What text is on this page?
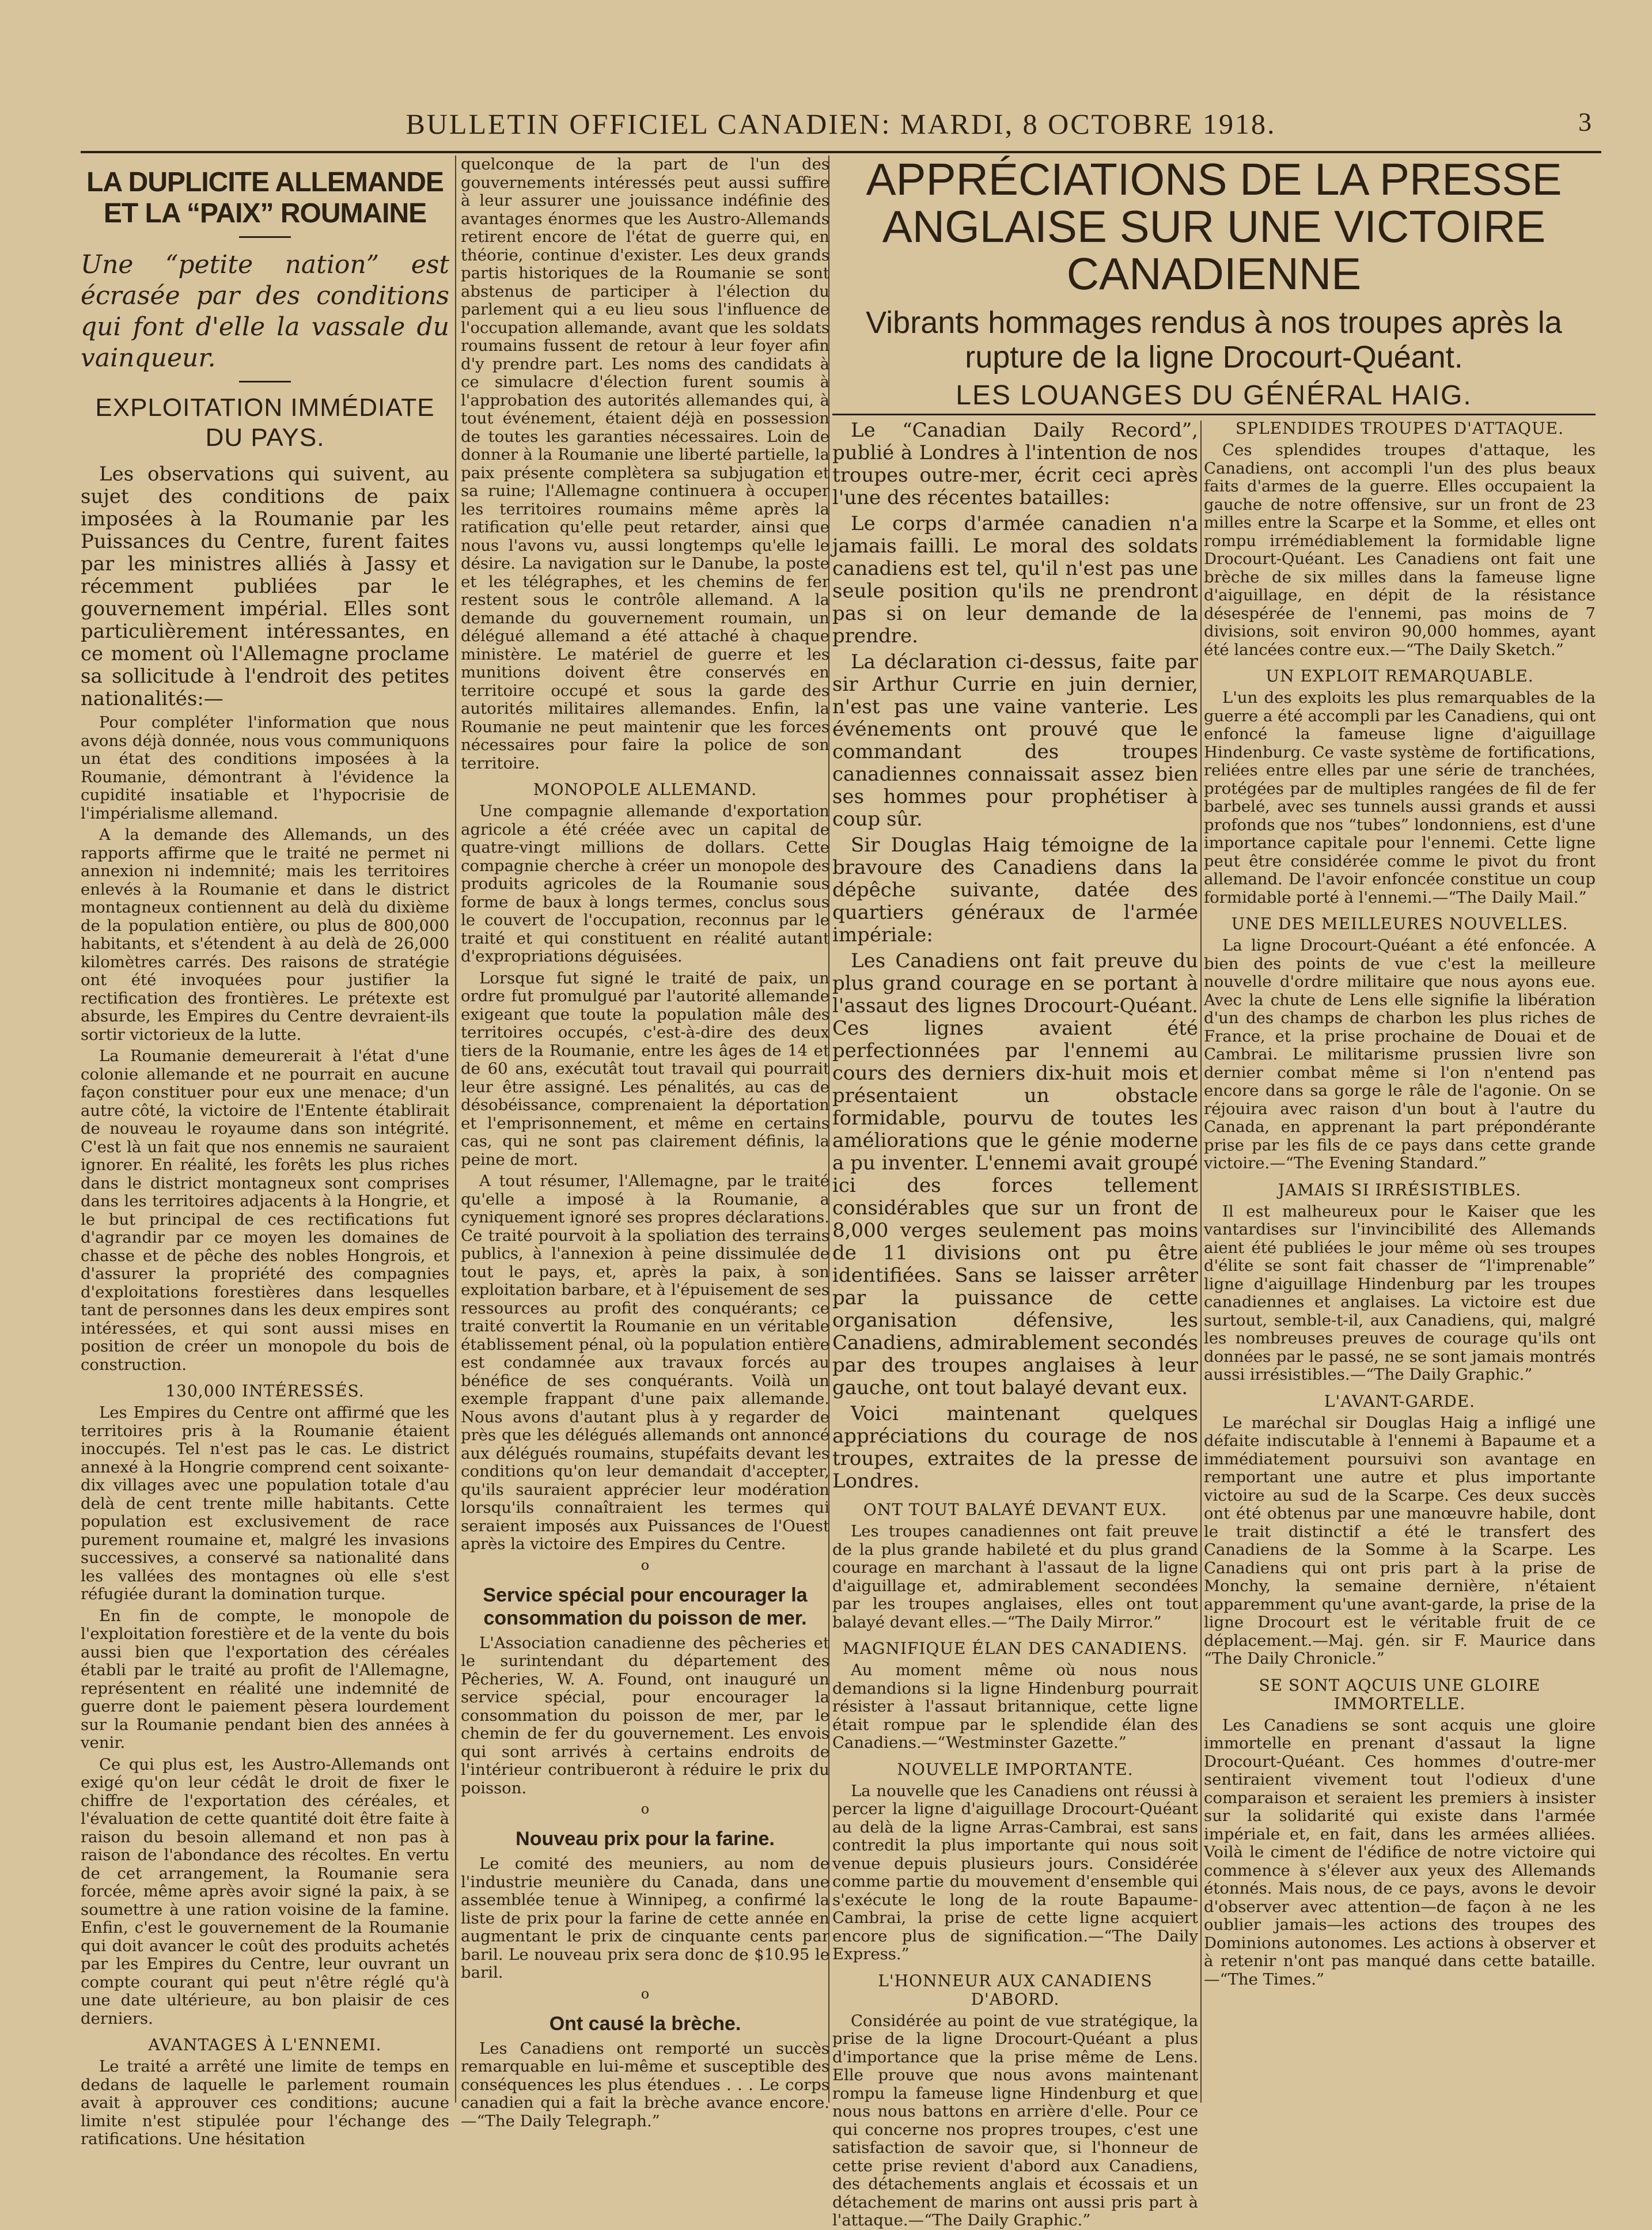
BULLETIN OFFICIEL CANADIEN: MARDI, 8 OCTOBRE 1918.	3
LA DUPLICITE ALLEMANDE ET LA “PAIX” ROUMAINE
Une “petite nation” est écrasée par des conditions qui font d'elle la vassale du vainqueur.
EXPLOITATION IMMÉDIATE DU PAYS.

Les observations qui suivent, au sujet des conditions de paix imposées à la Roumanie par les Puissances du Centre, furent faites par les ministres alliés à Jassy et récemment publiées par le gouvernement impérial. Elles sont particulièrement intéressantes, en ce moment où l'Allemagne proclame sa sollicitude à l'endroit des petites nationalités:—

Pour compléter l'information que nous avons déjà donnée, nous vous communiquons un état des conditions imposées à la Roumanie, démontrant à l'évidence la cupidité insatiable et l'hypocrisie de l'impérialisme allemand.

A la demande des Allemands, un des rapports affirme que le traité ne permet ni annexion ni indemnité; mais les territoires enlevés à la Roumanie et dans le district montagneux contiennent au delà du dixième de la population entière, ou plus de 800,000 habitants, et s'étendent à au delà de 26,000 kilomètres carrés. Des raisons de stratégie ont été invoquées pour justifier la rectification des frontières. Le prétexte est absurde, les Empires du Centre devraient-ils sortir victorieux de la lutte.

La Roumanie demeurerait à l'état d'une colonie allemande et ne pourrait en aucune façon constituer pour eux une menace; d'un autre côté, la victoire de l'Entente établirait de nouveau le royaume dans son intégrité. C'est là un fait que nos ennemis ne sauraient ignorer. En réalité, les forêts les plus riches dans le district montagneux sont comprises dans les territoires adjacents à la Hongrie, et le but principal de ces rectifications fut d'agrandir par ce moyen les domaines de chasse et de pêche des nobles Hongrois, et d'assurer la propriété des compagnies d'exploitations forestières dans lesquelles tant de personnes dans les deux empires sont intéressées, et qui sont aussi mises en position de créer un monopole du bois de construction.

130,000 INTÉRESSÉS.

Les Empires du Centre ont affirmé que les territoires pris à la Roumanie étaient inoccupés. Tel n'est pas le cas. Le district annexé à la Hongrie comprend cent soixante-dix villages avec une population totale d'au delà de cent trente mille habitants. Cette population est exclusivement de race purement roumaine et, malgré les invasions successives, a conservé sa nationalité dans les vallées des montagnes où elle s'est réfugiée durant la domination turque.

En fin de compte, le monopole de l'exploitation forestière et de la vente du bois aussi bien que l'exportation des céréales établi par le traité au profit de l'Allemagne, représentent en réalité une indemnité de guerre dont le paiement pèsera lourdement sur la Roumanie pendant bien des années à venir.

Ce qui plus est, les Austro-Allemands ont exigé qu'on leur cédât le droit de fixer le chiffre de l'exportation des céréales, et l'évaluation de cette quantité doit être faite à raison du besoin allemand et non pas à raison de l'abondance des récoltes. En vertu de cet arrangement, la Roumanie sera forcée, même après avoir signé la paix, à se soumettre à une ration voisine de la famine. Enfin, c'est le gouvernement de la Roumanie qui doit avancer le coût des produits achetés par les Empires du Centre, leur ouvrant un compte courant qui peut n'être réglé qu'à une date ultérieure, au bon plaisir de ces derniers.

AVANTAGES À L'ENNEMI.

Le traité a arrêté une limite de temps en dedans de laquelle le parlement roumain avait à approuver ces conditions; aucune limite n'est stipulée pour l'échange des ratifications. Une hésitation

quelconque de la part de l'un des gouvernements intéressés peut aussi suffire à leur assurer une jouissance indéfinie des avantages énormes que les Austro-Allemands retirent encore de l'état de guerre qui, en théorie, continue d'exister. Les deux grands partis historiques de la Roumanie se sont abstenus de participer à l'élection du parlement qui a eu lieu sous l'influence de l'occupation allemande, avant que les soldats roumains fussent de retour à leur foyer afin d'y prendre part. Les noms des candidats à ce simulacre d'élection furent soumis à l'approbation des autorités allemandes qui, à tout événement, étaient déjà en possession de toutes les garanties nécessaires. Loin de donner à la Roumanie une liberté partielle, la paix présente complètera sa subjugation et sa ruine; l'Allemagne continuera à occuper les territoires roumains même après la ratification qu'elle peut retarder, ainsi que nous l'avons vu, aussi longtemps qu'elle le désire. La navigation sur le Danube, la poste et les télégraphes, et les chemins de fer restent sous le contrôle allemand. A la demande du gouvernement roumain, un délégué allemand a été attaché à chaque ministère. Le matériel de guerre et les munitions doivent être conservés en territoire occupé et sous la garde des autorités militaires allemandes. Enfin, la Roumanie ne peut maintenir que les forces nécessaires pour faire la police de son territoire.

MONOPOLE ALLEMAND.

Une compagnie allemande d'exportation agricole a été créée avec un capital de quatre-vingt millions de dollars. Cette compagnie cherche à créer un monopole des produits agricoles de la Roumanie sous forme de baux à longs termes, conclus sous le couvert de l'occupation, reconnus par le traité et qui constituent en réalité autant d'expropriations déguisées.

Lorsque fut signé le traité de paix, un ordre fut promulgué par l'autorité allemande exigeant que toute la population mâle des territoires occupés, c'est-à-dire des deux tiers de la Roumanie, entre les âges de 14 et de 60 ans, exécutât tout travail qui pourrait leur être assigné. Les pénalités, au cas de désobéissance, comprenaient la déportation et l'emprisonnement, et même en certains cas, qui ne sont pas clairement définis, la peine de mort.

A tout résumer, l'Allemagne, par le traité qu'elle a imposé à la Roumanie, a cyniquement ignoré ses propres déclarations. Ce traité pourvoit à la spoliation des terrains publics, à l'annexion à peine dissimulée de tout le pays, et, après la paix, à son exploitation barbare, et à l'épuisement de ses ressources au profit des conquérants; ce traité convertit la Roumanie en un véritable établissement pénal, où la population entière est condamnée aux travaux forcés au bénéfice de ses conquérants. Voilà un exemple frappant d'une paix allemande. Nous avons d'autant plus à y regarder de près que les délégués allemands ont annoncé aux délégués roumains, stupéfaits devant les conditions qu'on leur demandait d'accepter, qu'ils sauraient apprécier leur modération lorsqu'ils connaîtraient les termes qui seraient imposés aux Puissances de l'Ouest après la victoire des Empires du Centre.

o
Service spécial pour encourager la consommation du poisson de mer.

L'Association canadienne des pêcheries et le surintendant du département des Pêcheries, W. A. Found, ont inauguré un service spécial, pour encourager la consommation du poisson de mer, par le chemin de fer du gouvernement. Les envois qui sont arrivés à certains endroits de l'intérieur contribueront à réduire le prix du poisson.

o
Nouveau prix pour la farine.

Le comité des meuniers, au nom de l'industrie meunière du Canada, dans une assemblée tenue à Winnipeg, a confirmé la liste de prix pour la farine de cette année en augmentant le prix de cinquante cents par baril. Le nouveau prix sera donc de $10.95 le baril.

o
Ont causé la brèche.

Les Canadiens ont remporté un succès remarquable en lui-même et susceptible des conséquences les plus étendues . . . Le corps canadien qui a fait la brèche avance encore.—“The Daily Telegraph.”

APPRÉCIATIONS DE LA PRESSE ANGLAISE SUR UNE VICTOIRE CANADIENNE
Vibrants hommages rendus à nos troupes après la rupture de la ligne Drocourt-Quéant.
LES LOUANGES DU GÉNÉRAL HAIG.

Le “Canadian Daily Record”, publié à Londres à l'intention de nos troupes outre-mer, écrit ceci après l'une des récentes batailles:

Le corps d'armée canadien n'a jamais failli. Le moral des soldats canadiens est tel, qu'il n'est pas une seule position qu'ils ne prendront pas si on leur demande de la prendre.

La déclaration ci-dessus, faite par sir Arthur Currie en juin dernier, n'est pas une vaine vanterie. Les événements ont prouvé que le commandant des troupes canadiennes connaissait assez bien ses hommes pour prophétiser à coup sûr.

Sir Douglas Haig témoigne de la bravoure des Canadiens dans la dépêche suivante, datée des quartiers généraux de l'armée impériale:

Les Canadiens ont fait preuve du plus grand courage en se portant à l'assaut des lignes Drocourt-Quéant. Ces lignes avaient été perfectionnées par l'ennemi au cours des derniers dix-huit mois et présentaient un obstacle formidable, pourvu de toutes les améliorations que le génie moderne a pu inventer. L'ennemi avait groupé ici des forces tellement considérables que sur un front de 8,000 verges seulement pas moins de 11 divisions ont pu être identifiées. Sans se laisser arrêter par la puissance de cette organisation défensive, les Canadiens, admirablement secondés par des troupes anglaises à leur gauche, ont tout balayé devant eux.

Voici maintenant quelques appréciations du courage de nos troupes, extraites de la presse de Londres.

ONT TOUT BALAYÉ DEVANT EUX.

Les troupes canadiennes ont fait preuve de la plus grande habileté et du plus grand courage en marchant à l'assaut de la ligne d'aiguillage et, admirablement secondées par les troupes anglaises, elles ont tout balayé devant elles.—“The Daily Mirror.”

MAGNIFIQUE ÉLAN DES CANADIENS.

Au moment même où nous nous demandions si la ligne Hindenburg pourrait résister à l'assaut britannique, cette ligne était rompue par le splendide élan des Canadiens.—“Westminster Gazette.”

NOUVELLE IMPORTANTE.

La nouvelle que les Canadiens ont réussi à percer la ligne d'aiguillage Drocourt-Quéant au delà de la ligne Arras-Cambrai, est sans contredit la plus importante qui nous soit venue depuis plusieurs jours. Considérée comme partie du mouvement d'ensemble qui s'exécute le long de la route Bapaume-Cambrai, la prise de cette ligne acquiert encore plus de signification.—“The Daily Express.”

L'HONNEUR AUX CANADIENS D'ABORD.

Considérée au point de vue stratégique, la prise de la ligne Drocourt-Quéant a plus d'importance que la prise même de Lens. Elle prouve que nous avons maintenant rompu la fameuse ligne Hindenburg et que nous nous battons en arrière d'elle. Pour ce qui concerne nos propres troupes, c'est une satisfaction de savoir que, si l'honneur de cette prise revient d'abord aux Canadiens, des détachements anglais et écossais et un détachement de marins ont aussi pris part à l'attaque.—“The Daily Graphic.”

SPLENDIDES TROUPES D'ATTAQUE.

Ces splendides troupes d'attaque, les Canadiens, ont accompli l'un des plus beaux faits d'armes de la guerre. Elles occupaient la gauche de notre offensive, sur un front de 23 milles entre la Scarpe et la Somme, et elles ont rompu irrémédiablement la formidable ligne Drocourt-Quéant. Les Canadiens ont fait une brèche de six milles dans la fameuse ligne d'aiguillage, en dépit de la résistance désespérée de l'ennemi, pas moins de 7 divisions, soit environ 90,000 hommes, ayant été lancées contre eux.—“The Daily Sketch.”

UN EXPLOIT REMARQUABLE.

L'un des exploits les plus remarquables de la guerre a été accompli par les Canadiens, qui ont enfoncé la fameuse ligne d'aiguillage Hindenburg. Ce vaste système de fortifications, reliées entre elles par une série de tranchées, protégées par de multiples rangées de fil de fer barbelé, avec ses tunnels aussi grands et aussi profonds que nos “tubes” londonniens, est d'une importance capitale pour l'ennemi. Cette ligne peut être considérée comme le pivot du front allemand. De l'avoir enfoncée constitue un coup formidable porté à l'ennemi.—“The Daily Mail.”

UNE DES MEILLEURES NOUVELLES.

La ligne Drocourt-Quéant a été enfoncée. A bien des points de vue c'est la meilleure nouvelle d'ordre militaire que nous ayons eue. Avec la chute de Lens elle signifie la libération d'un des champs de charbon les plus riches de France, et la prise prochaine de Douai et de Cambrai. Le militarisme prussien livre son dernier combat même si l'on n'entend pas encore dans sa gorge le râle de l'agonie. On se réjouira avec raison d'un bout à l'autre du Canada, en apprenant la part prépondérante prise par les fils de ce pays dans cette grande victoire.—“The Evening Standard.”

JAMAIS SI IRRÉSISTIBLES.

Il est malheureux pour le Kaiser que les vantardises sur l'invincibilité des Allemands aient été publiées le jour même où ses troupes d'élite se sont fait chasser de “l'imprenable” ligne d'aiguillage Hindenburg par les troupes canadiennes et anglaises. La victoire est due surtout, semble-t-il, aux Canadiens, qui, malgré les nombreuses preuves de courage qu'ils ont données par le passé, ne se sont jamais montrés aussi irrésistibles.—“The Daily Graphic.”

L'AVANT-GARDE.

Le maréchal sir Douglas Haig a infligé une défaite indiscutable à l'ennemi à Bapaume et a immédiatement poursuivi son avantage en remportant une autre et plus importante victoire au sud de la Scarpe. Ces deux succès ont été obtenus par une manœuvre habile, dont le trait distinctif a été le transfert des Canadiens de la Somme à la Scarpe. Les Canadiens qui ont pris part à la prise de Monchy, la semaine dernière, n'étaient apparemment qu'une avant-garde, la prise de la ligne Drocourt est le véritable fruit de ce déplacement.—Maj. gén. sir F. Maurice dans “The Daily Chronicle.”

SE SONT AQCUIS UNE GLOIRE IMMORTELLE.

Les Canadiens se sont acquis une gloire immortelle en prenant d'assaut la ligne Drocourt-Quéant. Ces hommes d'outre-mer sentiraient vivement tout l'odieux d'une comparaison et seraient les premiers à insister sur la solidarité qui existe dans l'armée impériale et, en fait, dans les armées alliées. Voilà le ciment de l'édifice de notre victoire qui commence à s'élever aux yeux des Allemands étonnés. Mais nous, de ce pays, avons le devoir d'observer avec attention—de façon à ne les oublier jamais—les actions des troupes des Dominions autonomes. Les actions à observer et à retenir n'ont pas manqué dans cette bataille.—“The Times.”
